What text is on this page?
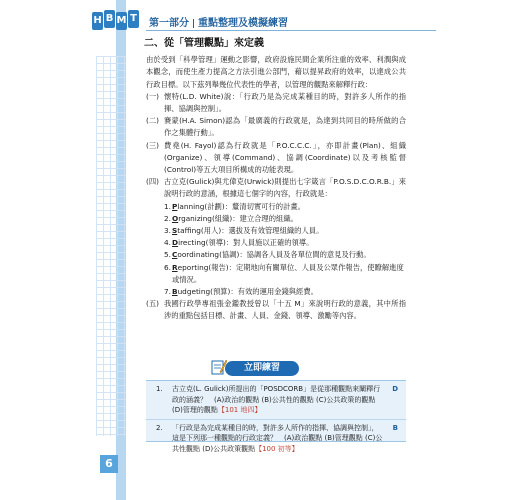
H B M T
6
第一部分 重點整理及模擬練習

二、從「管理觀點」來定義

由於受到「科學管理」運動之影響，政府設施民間企業所注重的效率、利潤與成本觀念，而使生產力提高之方法引進公部門，藉以提昇政府的效率，以達成公共行政目標。以下茲列舉幾位代表性的學者，以管理的觀點來解釋行政：

(一) 懷特(L.D. White)說：「行政乃是為完成某種目的時，對許多人所作的指揮、協調與控制」。

(二) 賽蒙(H.A. Simon)認為「最廣義的行政就是，為達到共同目的時所做的合作之集體行動」。

(三) 費堯(H. Fayol)認為行政就是「P.O.C.C.C.」，亦即計畫(Plan)、組織(Organize)、領導(Command)、協調(Coordinate)以及考核監督(Control)等五大項目所構成的功能表現。

(四) 古立克(Gulick)與尤偉克(Urwick)則提出七字箴言「P.O.S.D.C.O.R.B.」來說明行政的意涵，根據這七個字的內容，行政就是：

1. Planning(計劃)：釐清切實可行的計畫。

2. Organizing(組織)：建立合理的組織。

3. Staffing(用人)：選拔及有效管理組織的人員。

4. Directing(領導)：對人員施以正確的領導。

5. Coordinating(協調)：協調各人員及各單位間的意見及行動。

6. Reporting(報告)：定期地向有關單位、人員及公眾作報告，使瞭解進度或情況。

7. Budgeting(預算)：有效的運用金錢與經費。

(五) 我國行政學專祖張金鑑教授曾以「十五 M」來說明行政的意義，其中所指涉的重點包括目標、計畫、人員、金錢、領導、激勵等內容。

立即練習
1. 古立克(L. Gulick)所提出的「POSDCORB」是從那種觀點來闡釋行政的涵義？　(A)政治的觀點 (B)公共性的觀點 (C)公共政策的觀點 (D)管理的觀點【101 地四】
D
2. 「行政是為完成某種目的時，對許多人所作的指揮、協調與控制」，這是下列那一種觀點的行政定義？　(A)政治觀點 (B)管理觀點 (C)公共性觀點 (D)公共政策觀點【100 初等】
B
